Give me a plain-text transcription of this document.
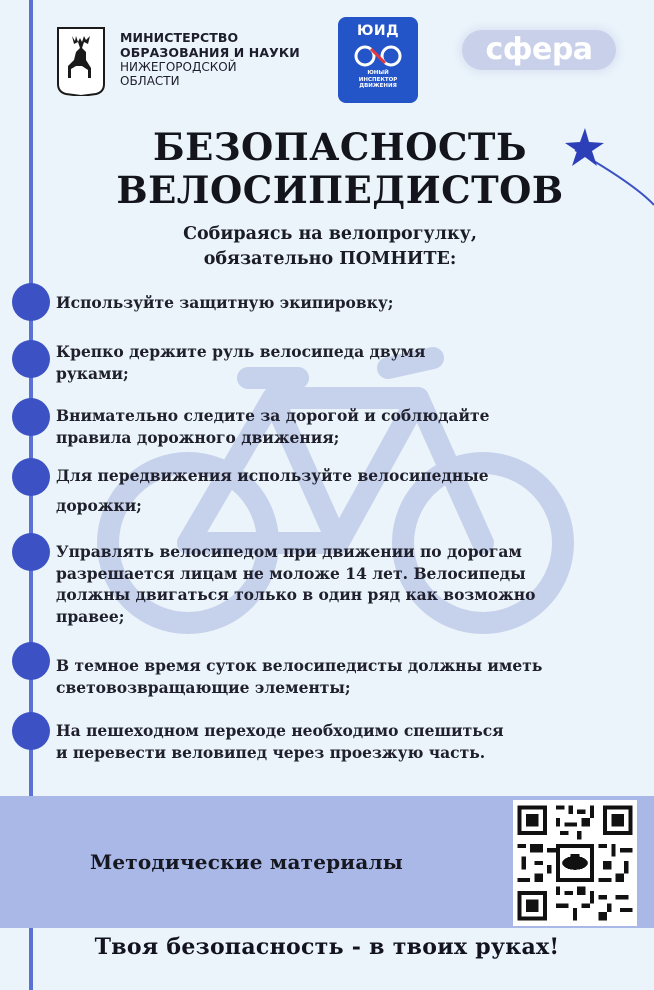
МИНИСТЕРСТВО
ОБРАЗОВАНИЯ И НАУКИ
НИЖЕГОРОДСКОЙ
ОБЛАСТИ
ЮИД
ЮНЫЙ
ИНСПЕКТОР
ДВИЖЕНИЯ
сфера
БЕЗОПАСНОСТЬ
ВЕЛОСИПЕДИСТОВ
Собираясь на велопрогулку,
обязательно ПОМНИТЕ:
Используйте защитную экипировку;
Крепко держите руль велосипеда двумя
руками;
Внимательно следите за дорогой и соблюдайте
правила дорожного движения;
Для передвижения используйте велосипедные
дорожки;
Управлять велосипедом при движении по дорогам
разрешается лицам не моложе 14 лет. Велосипеды
должны двигаться только в один ряд как возможно
правее;
В темное время суток велосипедисты должны иметь
световозвращающие элементы;
На пешеходном переходе необходимо спешиться
и перевести веловипед через проезжую часть.
Методические материалы
Твоя безопасность - в твоих руках!
